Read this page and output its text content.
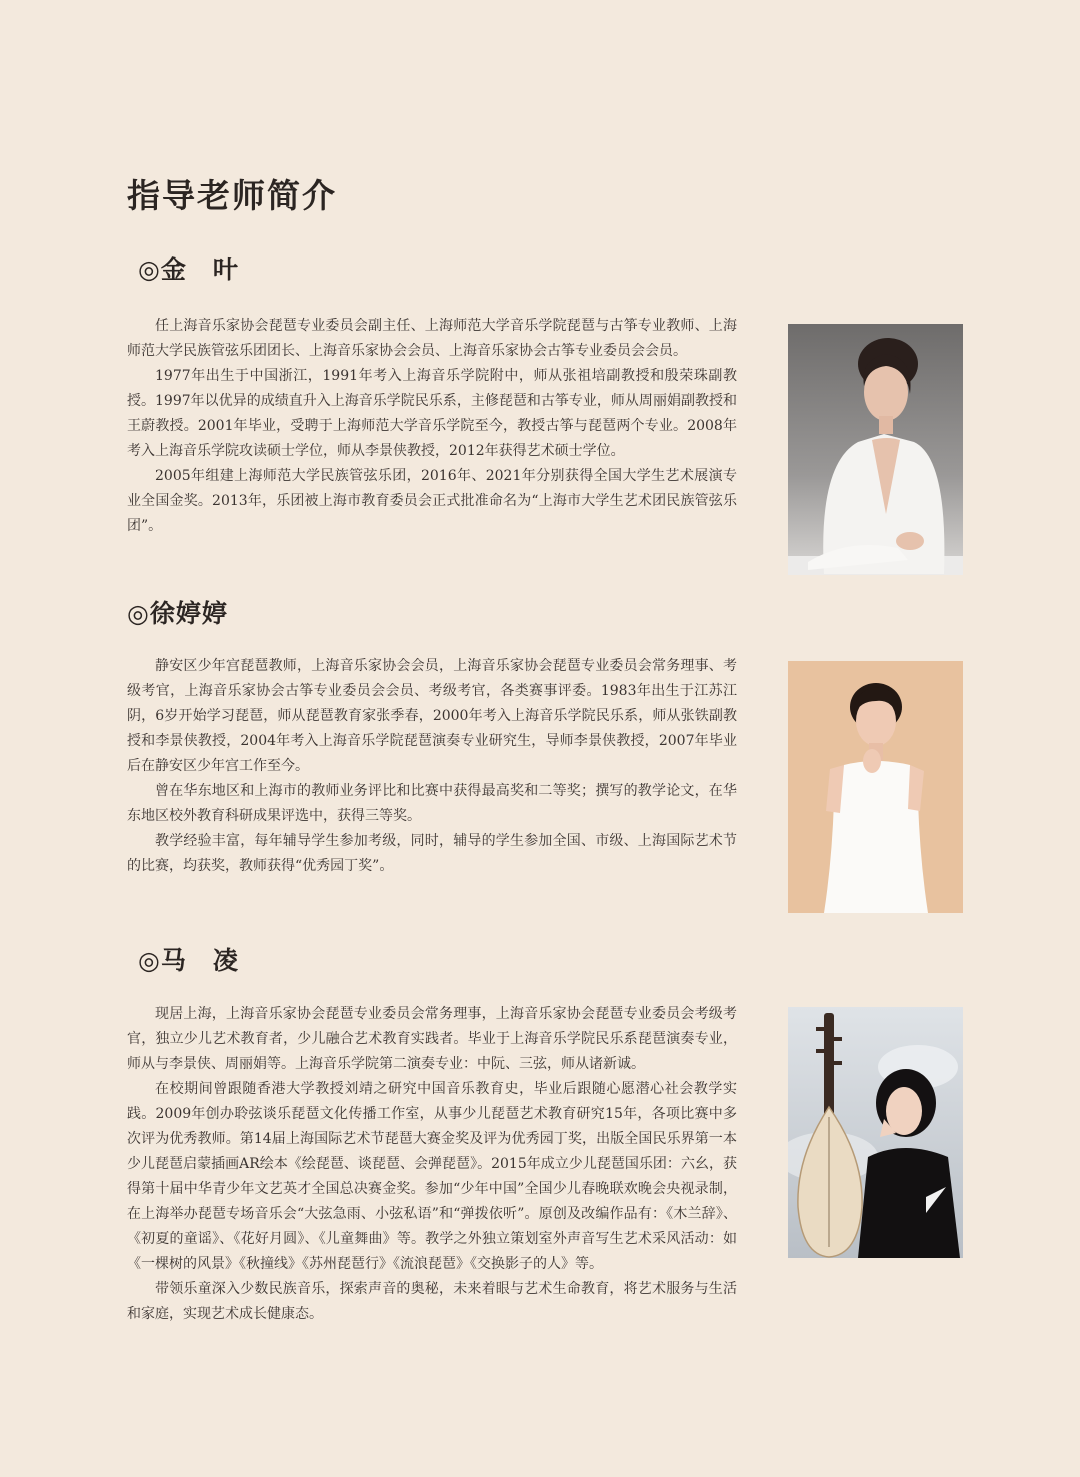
指导老师简介
◎金　叶

任上海音乐家协会琵琶专业委员会副主任、上海师范大学音乐学院琵琶与古筝专业教师、上海师范大学民族管弦乐团团长、上海音乐家协会会员、上海音乐家协会古筝专业委员会会员。

1977年出生于中国浙江，1991年考入上海音乐学院附中，师从张祖培副教授和殷荣珠副教授。1997年以优异的成绩直升入上海音乐学院民乐系，主修琵琶和古筝专业，师从周丽娟副教授和王蔚教授。2001年毕业，受聘于上海师范大学音乐学院至今，教授古筝与琵琶两个专业。2008年考入上海音乐学院攻读硕士学位，师从李景侠教授，2012年获得艺术硕士学位。

2005年组建上海师范大学民族管弦乐团，2016年、2021年分别获得全国大学生艺术展演专业全国金奖。2013年，乐团被上海市教育委员会正式批准命名为“上海市大学生艺术团民族管弦乐团”。

◎徐婷婷

静安区少年宫琵琶教师，上海音乐家协会会员，上海音乐家协会琵琶专业委员会常务理事、考级考官，上海音乐家协会古筝专业委员会会员、考级考官，各类赛事评委。1983年出生于江苏江阴，6岁开始学习琵琶，师从琵琶教育家张季春，2000年考入上海音乐学院民乐系，师从张铁副教授和李景侠教授，2004年考入上海音乐学院琵琶演奏专业研究生，导师李景侠教授，2007年毕业后在静安区少年宫工作至今。

曾在华东地区和上海市的教师业务评比和比赛中获得最高奖和二等奖；撰写的教学论文，在华东地区校外教育科研成果评选中，获得三等奖。

教学经验丰富，每年辅导学生参加考级，同时，辅导的学生参加全国、市级、上海国际艺术节的比赛，均获奖，教师获得“优秀园丁奖”。

◎马　凌

现居上海，上海音乐家协会琵琶专业委员会常务理事，上海音乐家协会琵琶专业委员会考级考官，独立少儿艺术教育者，少儿融合艺术教育实践者。毕业于上海音乐学院民乐系琵琶演奏专业，师从与李景侠、周丽娟等。上海音乐学院第二演奏专业：中阮、三弦，师从诸新诚。

在校期间曾跟随香港大学教授刘靖之研究中国音乐教育史，毕业后跟随心愿潜心社会教学实践。2009年创办聆弦谈乐琵琶文化传播工作室，从事少儿琵琶艺术教育研究15年，各项比赛中多次评为优秀教师。第14届上海国际艺术节琵琶大赛金奖及评为优秀园丁奖，出版全国民乐界第一本少儿琵琶启蒙插画AR绘本《绘琵琶、谈琵琶、会弹琵琶》。2015年成立少儿琵琶国乐团：六幺，获得第十届中华青少年文艺英才全国总决赛金奖。参加“少年中国”全国少儿春晚联欢晚会央视录制，在上海举办琵琶专场音乐会“大弦急雨、小弦私语”和“弹拨依听”。原创及改编作品有：《木兰辞》、《初夏的童谣》、《花好月圆》、《儿童舞曲》等。教学之外独立策划室外声音写生艺术采风活动：如《一棵树的风景》《秋撞线》《苏州琵琶行》《流浪琵琶》《交换影子的人》等。

带领乐童深入少数民族音乐，探索声音的奥秘，未来着眼与艺术生命教育，将艺术服务与生活和家庭，实现艺术成长健康态。
